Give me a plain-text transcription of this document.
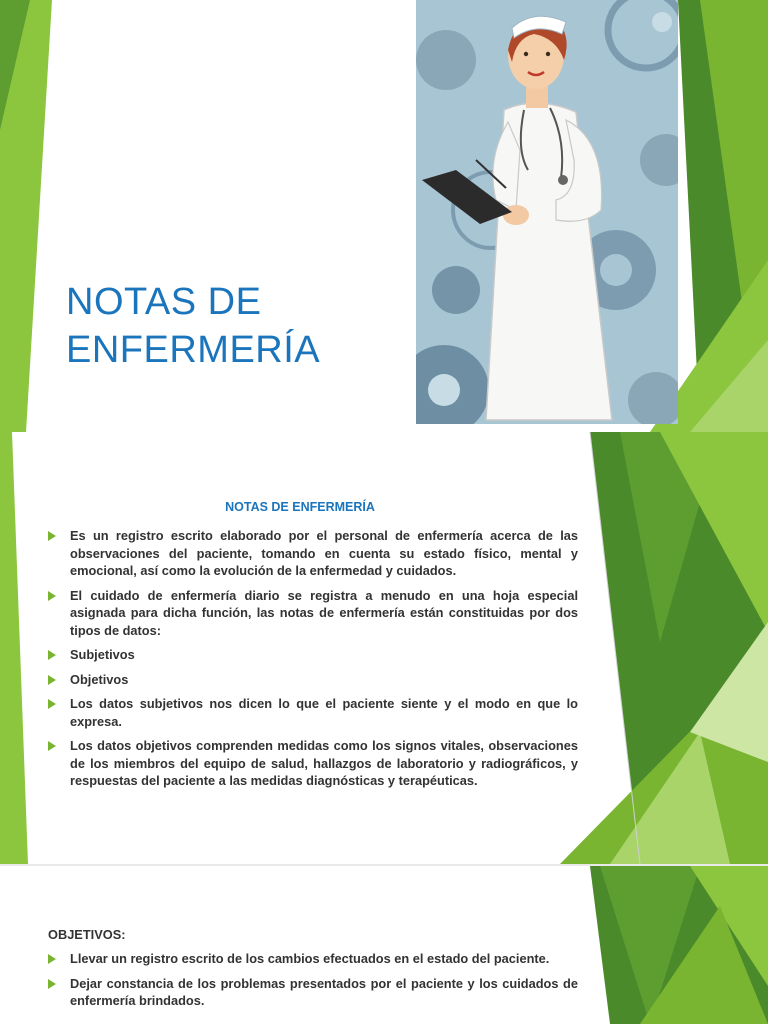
NOTAS DE
ENFERMERÍA

NOTAS DE ENFERMERÍA

Es un registro escrito elaborado por el personal de enfermería acerca de las observaciones del paciente, tomando en cuenta su estado físico, mental y emocional, así como la evolución de la enfermedad y cuidados.
El cuidado de enfermería diario se registra a menudo en una hoja especial asignada para dicha función, las notas de enfermería están constituidas por dos tipos de datos:
Subjetivos
Objetivos
Los datos subjetivos nos dicen lo que el paciente siente y el modo en que lo expresa.
Los datos objetivos comprenden medidas como los signos vitales, observaciones de los miembros del equipo de salud, hallazgos de laboratorio y radiográficos, y respuestas del paciente a las medidas diagnósticas y terapéuticas.

OBJETIVOS:

Llevar un registro escrito de los cambios efectuados en el estado del paciente.
Dejar constancia de los problemas presentados por el paciente y los cuidados de enfermería brindados.
